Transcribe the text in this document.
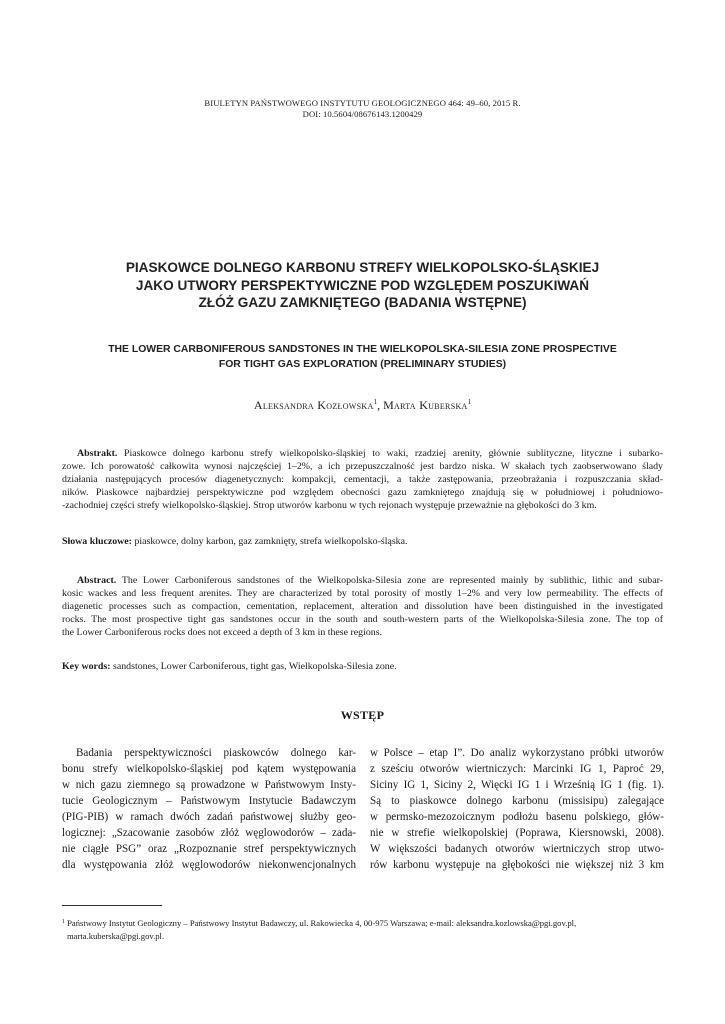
BIULETYN PAŃSTWOWEGO INSTYTUTU GEOLOGICZNEGO 464: 49–60, 2015 R.
DOI: 10.5604/08676143.1200429
PIASKOWCE DOLNEGO KARBONU STREFY WIELKOPOLSKO-ŚLĄSKIEJ
JAKO UTWORY PERSPEKTYWICZNE POD WZGLĘDEM POSZUKIWAŃ
ZŁÓŻ GAZU ZAMKNIĘTEGO (BADANIA WSTĘPNE)
THE LOWER CARBONIFEROUS SANDSTONES IN THE WIELKOPOLSKA-SILESIA ZONE PROSPECTIVE
FOR TIGHT GAS EXPLORATION (PRELIMINARY STUDIES)
Aleksandra Kozłowska$^1$, Marta Kuberska$^1$
Abstrakt. Piaskowce dolnego karbonu strefy wielkopolsko-śląskiej to waki, rzadziej arenity, głównie sublityczne, lityczne i subarko-
zowe. Ich porowatość całkowita wynosi najczęściej 1–2%, a ich przepuszczalność jest bardzo niska. W skałach tych zaobserwowano ślady
działania następujących procesów diagenetycznych: kompakcji, cementacji, a także zastępowania, przeobrażania i rozpuszczania skład-
ników. Piaskowce najbardziej perspektywiczne pod względem obecności gazu zamkniętego znajdują się w południowej i południowo-
-zachodniej części strefy wielkopolsko-śląskiej. Strop utworów karbonu w tych rejonach występuje przeważnie na głębokości do 3 km.
Słowa kluczowe: piaskowce, dolny karbon, gaz zamknięty, strefa wielkopolsko-śląska.
Abstract. The Lower Carboniferous sandstones of the Wielkopolska-Silesia zone are represented mainly by sublithic, lithic and subar-
kosic wackes and less frequent arenites. They are characterized by total porosity of mostly 1–2% and very low permeability. The effects of
diagenetic processes such as compaction, cementation, replacement, alteration and dissolution have been distinguished in the investigated
rocks. The most prospective tight gas sandstones occur in the south and south-western parts of the Wielkopolska-Silesia zone. The top of
the Lower Carboniferous rocks does not exceed a depth of 3 km in these regions.
Key words: sandstones, Lower Carboniferous, tight gas, Wielkopolska-Silesia zone.
WSTĘP
Badania perspektywiczności piaskowców dolnego kar-
bonu strefy wielkopolsko-śląskiej pod kątem występowania
w nich gazu ziemnego są prowadzone w Państwowym Insty-
tucie Geologicznym – Państwowym Instytucie Badawczym
(PIG-PIB) w ramach dwóch zadań państwowej służby geo-
logicznej: „Szacowanie zasobów złóż węglowodorów – zada-
nie ciągłe PSG” oraz „Rozpoznanie stref perspektywicznych
dla występowania złóż węglowodorów niekonwencjonalnych
w Polsce – etap I”. Do analiz wykorzystano próbki utworów
z sześciu otworów wiertniczych: Marcinki IG 1, Paproć 29,
Siciny IG 1, Siciny 2, Więcki IG 1 i Wrześnią IG 1 (fig. 1).
Są to piaskowce dolnego karbonu (missisipu) zalegające
w permsko-mezozoicznym podłożu basenu polskiego, głów-
nie w strefie wielkopolskiej (Poprawa, Kiersnowski, 2008).
W większości badanych otworów wiertniczych strop utwo-
rów karbonu występuje na głębokości nie większej niż 3 km
$^1$ Państwowy Instytut Geologiczny – Państwowy Instytut Badawczy, ul. Rakowiecka 4, 00-975 Warszawa; e-mail: aleksandra.kozlowska@pgi.gov.pl,
marta.kuberska@pgi.gov.pl.
